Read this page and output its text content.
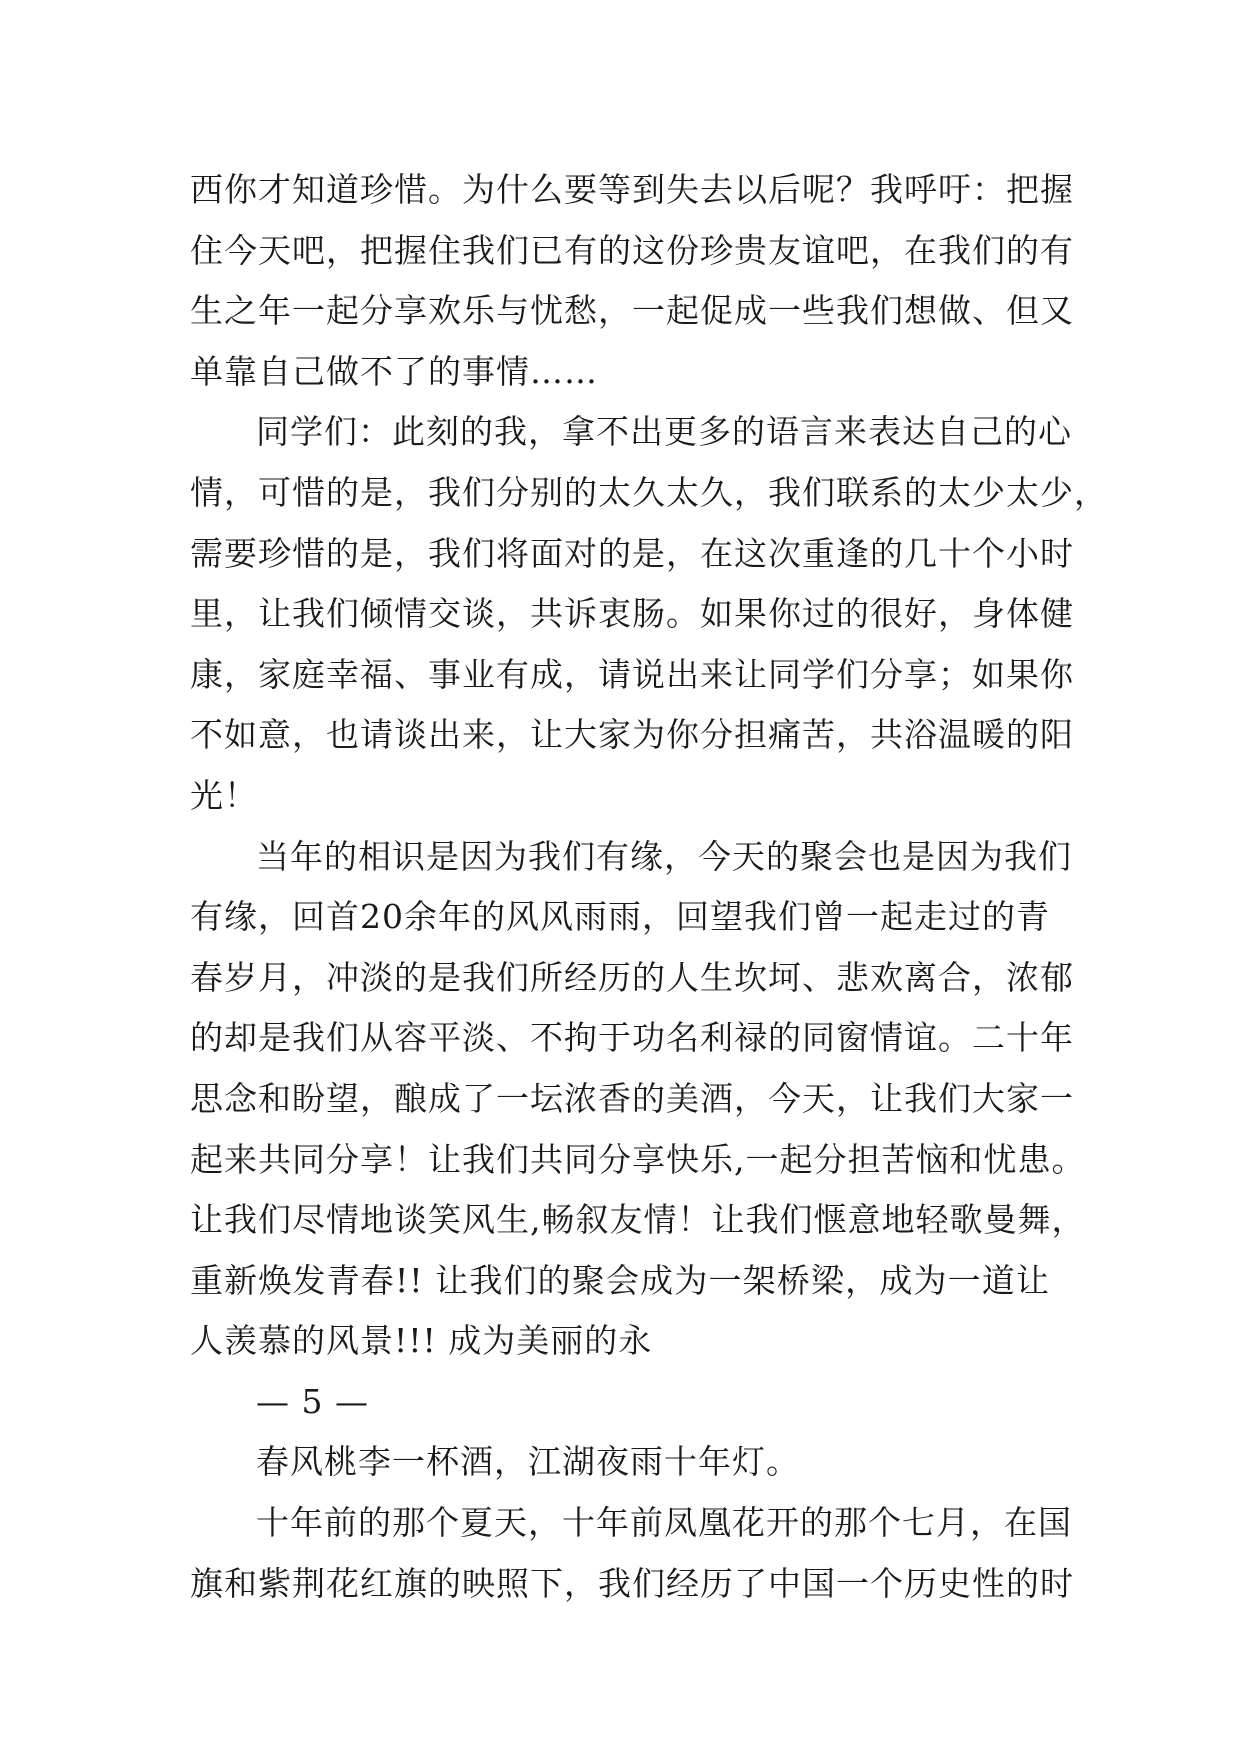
西你才知道珍惜。为什么要等到失去以后呢？我呼吁：把握
住今天吧，把握住我们已有的这份珍贵友谊吧，在我们的有
生之年一起分享欢乐与忧愁，一起促成一些我们想做、但又
单靠自己做不了的事情……
同学们：此刻的我，拿不出更多的语言来表达自己的心
情，可惜的是，我们分别的太久太久，我们联系的太少太少，
需要珍惜的是，我们将面对的是，在这次重逢的几十个小时
里，让我们倾情交谈，共诉衷肠。如果你过的很好，身体健
康，家庭幸福、事业有成，请说出来让同学们分享；如果你
不如意，也请谈出来，让大家为你分担痛苦，共浴温暖的阳
光！
当年的相识是因为我们有缘，今天的聚会也是因为我们
有缘，回首20余年的风风雨雨，回望我们曾一起走过的青
春岁月，冲淡的是我们所经历的人生坎坷、悲欢离合，浓郁
的却是我们从容平淡、不拘于功名利禄的同窗情谊。二十年
思念和盼望，酿成了一坛浓香的美酒，今天，让我们大家一
起来共同分享！让我们共同分享快乐,一起分担苦恼和忧患。
让我们尽情地谈笑风生,畅叙友情！让我们惬意地轻歌曼舞，
重新焕发青春!! 让我们的聚会成为一架桥梁，成为一道让
人羡慕的风景!!! 成为美丽的永
— 5 —
春风桃李一杯酒，江湖夜雨十年灯。
十年前的那个夏天，十年前凤凰花开的那个七月，在国
旗和紫荆花红旗的映照下，我们经历了中国一个历史性的时
